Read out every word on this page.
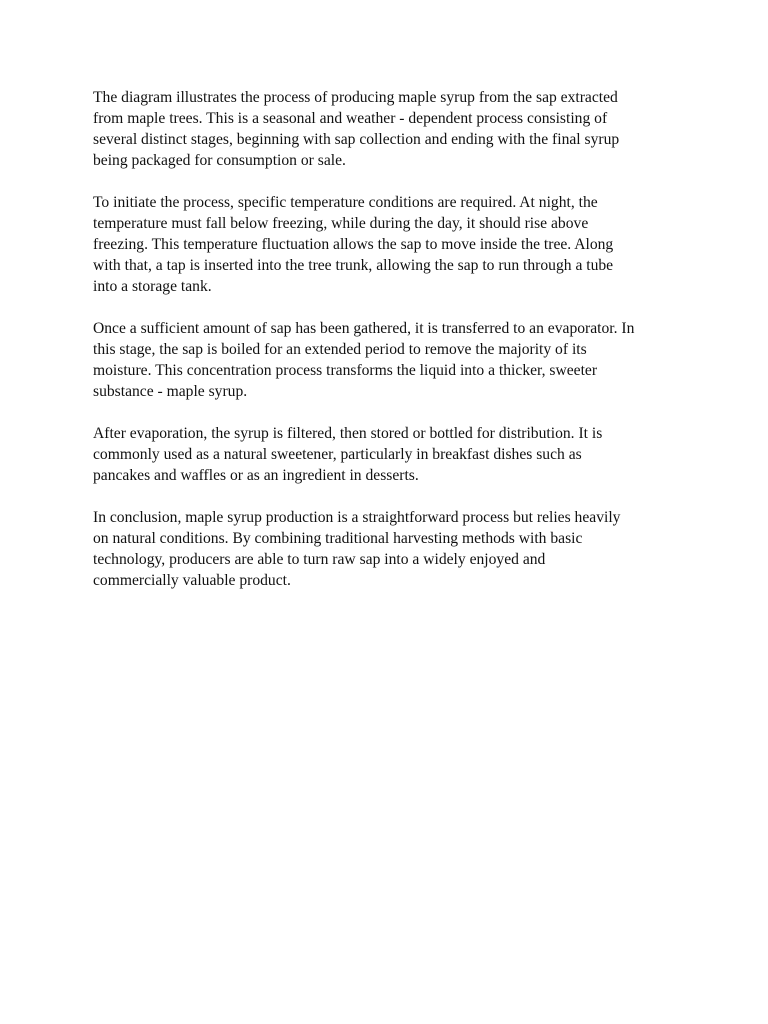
The diagram illustrates the process of producing maple syrup from the sap extracted
from maple trees. This is a seasonal and weather - dependent process consisting of
several distinct stages, beginning with sap collection and ending with the final syrup
being packaged for consumption or sale.

To initiate the process, specific temperature conditions are required. At night, the
temperature must fall below freezing, while during the day, it should rise above
freezing. This temperature fluctuation allows the sap to move inside the tree. Along
with that, a tap is inserted into the tree trunk, allowing the sap to run through a tube
into a storage tank.

Once a sufficient amount of sap has been gathered, it is transferred to an evaporator. In
this stage, the sap is boiled for an extended period to remove the majority of its
moisture. This concentration process transforms the liquid into a thicker, sweeter
substance - maple syrup.

After evaporation, the syrup is filtered, then stored or bottled for distribution. It is
commonly used as a natural sweetener, particularly in breakfast dishes such as
pancakes and waffles or as an ingredient in desserts.

In conclusion, maple syrup production is a straightforward process but relies heavily
on natural conditions. By combining traditional harvesting methods with basic
technology, producers are able to turn raw sap into a widely enjoyed and
commercially valuable product.
